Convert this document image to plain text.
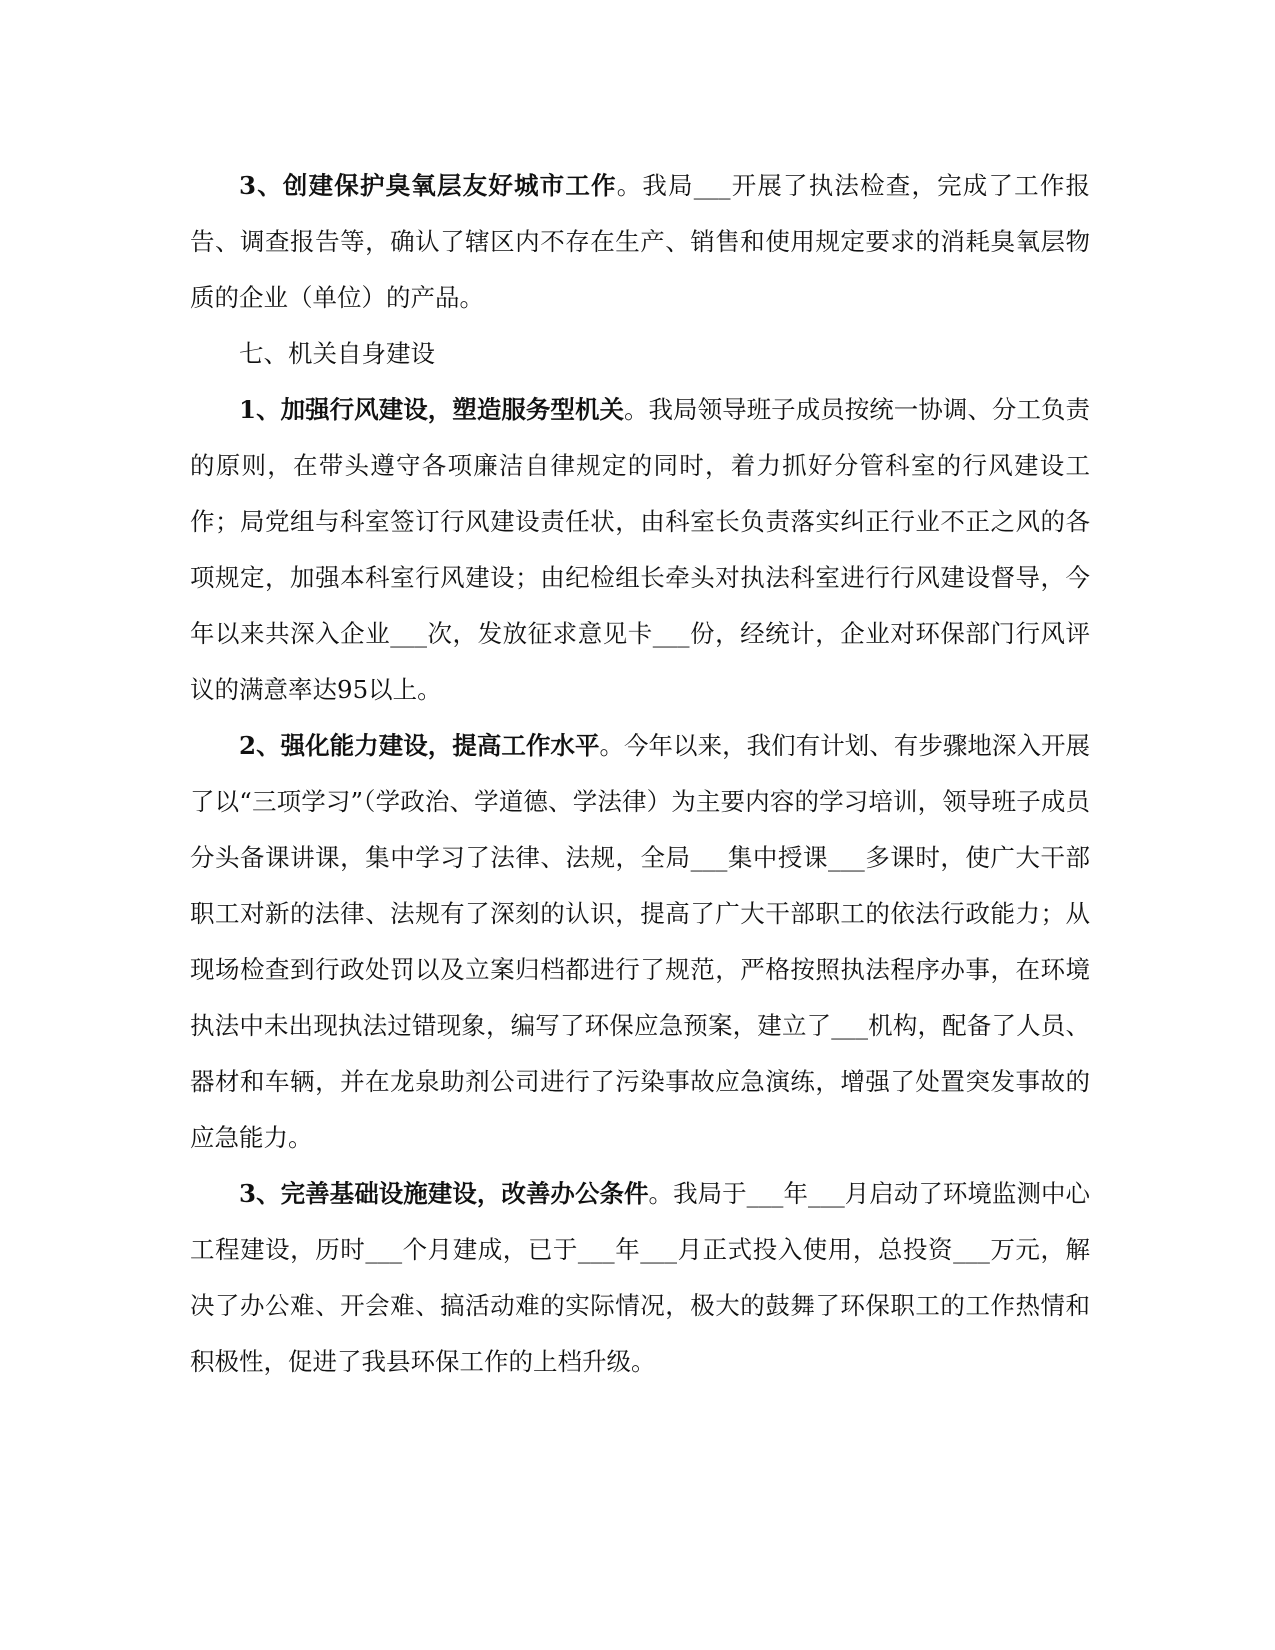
3、创建保护臭氧层友好城市工作。我局___开展了执法检查，完成了工作报告、调查报告等，确认了辖区内不存在生产、销售和使用规定要求的消耗臭氧层物质的企业（单位）的产品。

七、机关自身建设

1、加强行风建设，塑造服务型机关。我局领导班子成员按统一协调、分工负责的原则，在带头遵守各项廉洁自律规定的同时，着力抓好分管科室的行风建设工作；局党组与科室签订行风建设责任状，由科室长负责落实纠正行业不正之风的各项规定，加强本科室行风建设；由纪检组长牵头对执法科室进行行风建设督导，今年以来共深入企业___次，发放征求意见卡___份，经统计，企业对环保部门行风评议的满意率达95以上。

2、强化能力建设，提高工作水平。今年以来，我们有计划、有步骤地深入开展了以“三项学习”（学政治、学道德、学法律）为主要内容的学习培训，领导班子成员分头备课讲课，集中学习了法律、法规，全局___集中授课___多课时，使广大干部职工对新的法律、法规有了深刻的认识，提高了广大干部职工的依法行政能力；从现场检查到行政处罚以及立案归档都进行了规范，严格按照执法程序办事，在环境执法中未出现执法过错现象，编写了环保应急预案，建立了___机构，配备了人员、器材和车辆，并在龙泉助剂公司进行了污染事故应急演练，增强了处置突发事故的应急能力。

3、完善基础设施建设，改善办公条件。我局于___年___月启动了环境监测中心工程建设，历时___个月建成，已于___年___月正式投入使用，总投资___万元，解决了办公难、开会难、搞活动难的实际情况，极大的鼓舞了环保职工的工作热情和积极性，促进了我县环保工作的上档升级。
